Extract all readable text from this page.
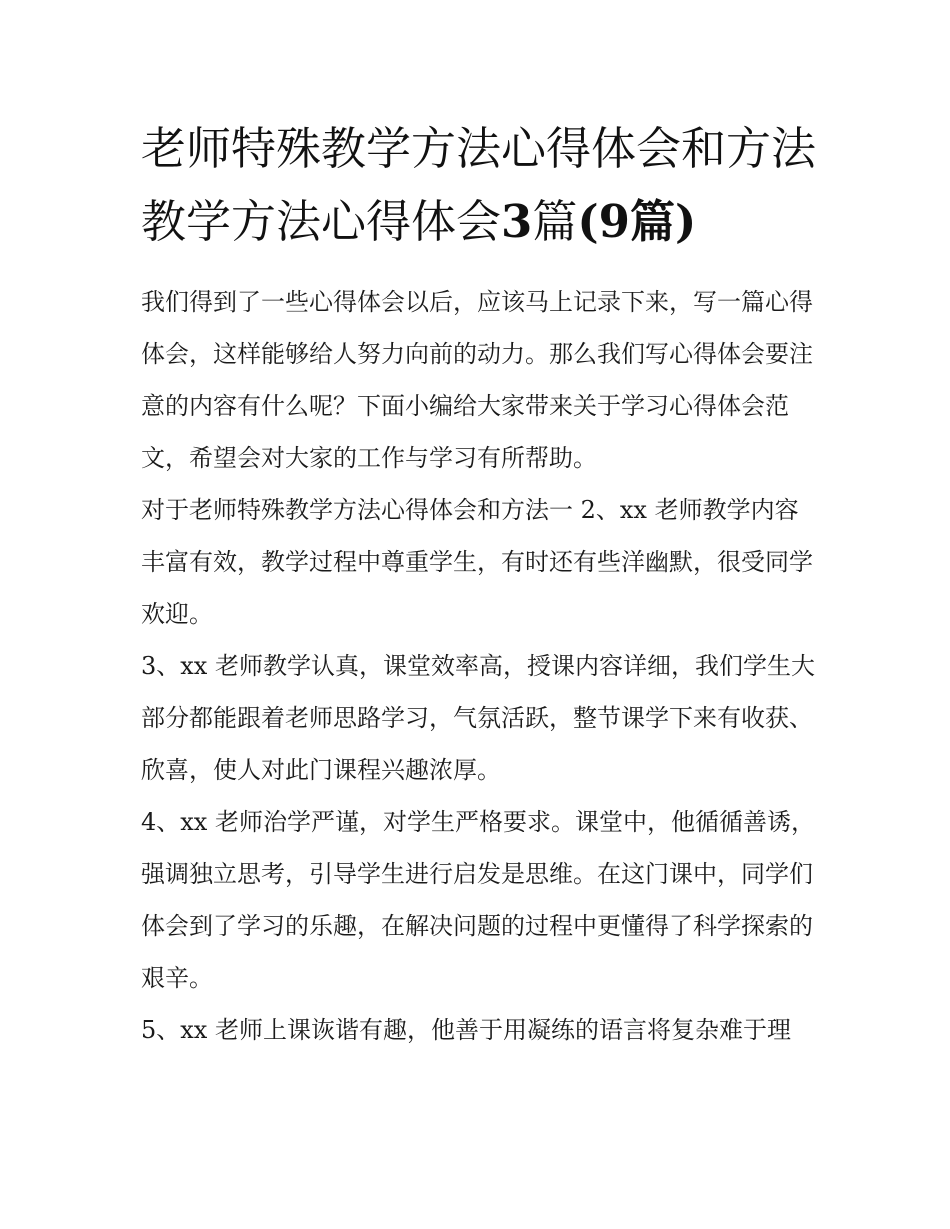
老师特殊教学方法心得体会和方法 教学方法心得体会3篇(9篇)

我们得到了一些心得体会以后，应该马上记录下来，写一篇心得体会，这样能够给人努力向前的动力。那么我们写心得体会要注意的内容有什么呢？下面小编给大家带来关于学习心得体会范文，希望会对大家的工作与学习有所帮助。

对于老师特殊教学方法心得体会和方法一 2、xx 老师教学内容丰富有效，教学过程中尊重学生，有时还有些洋幽默，很受同学欢迎。

3、xx 老师教学认真，课堂效率高，授课内容详细，我们学生大部分都能跟着老师思路学习，气氛活跃，整节课学下来有收获、欣喜，使人对此门课程兴趣浓厚。

4、xx 老师治学严谨，对学生严格要求。课堂中，他循循善诱，强调独立思考，引导学生进行启发是思维。在这门课中，同学们体会到了学习的乐趣，在解决问题的过程中更懂得了科学探索的艰辛。

5、xx 老师上课诙谐有趣，他善于用凝练的语言将复杂难于理
